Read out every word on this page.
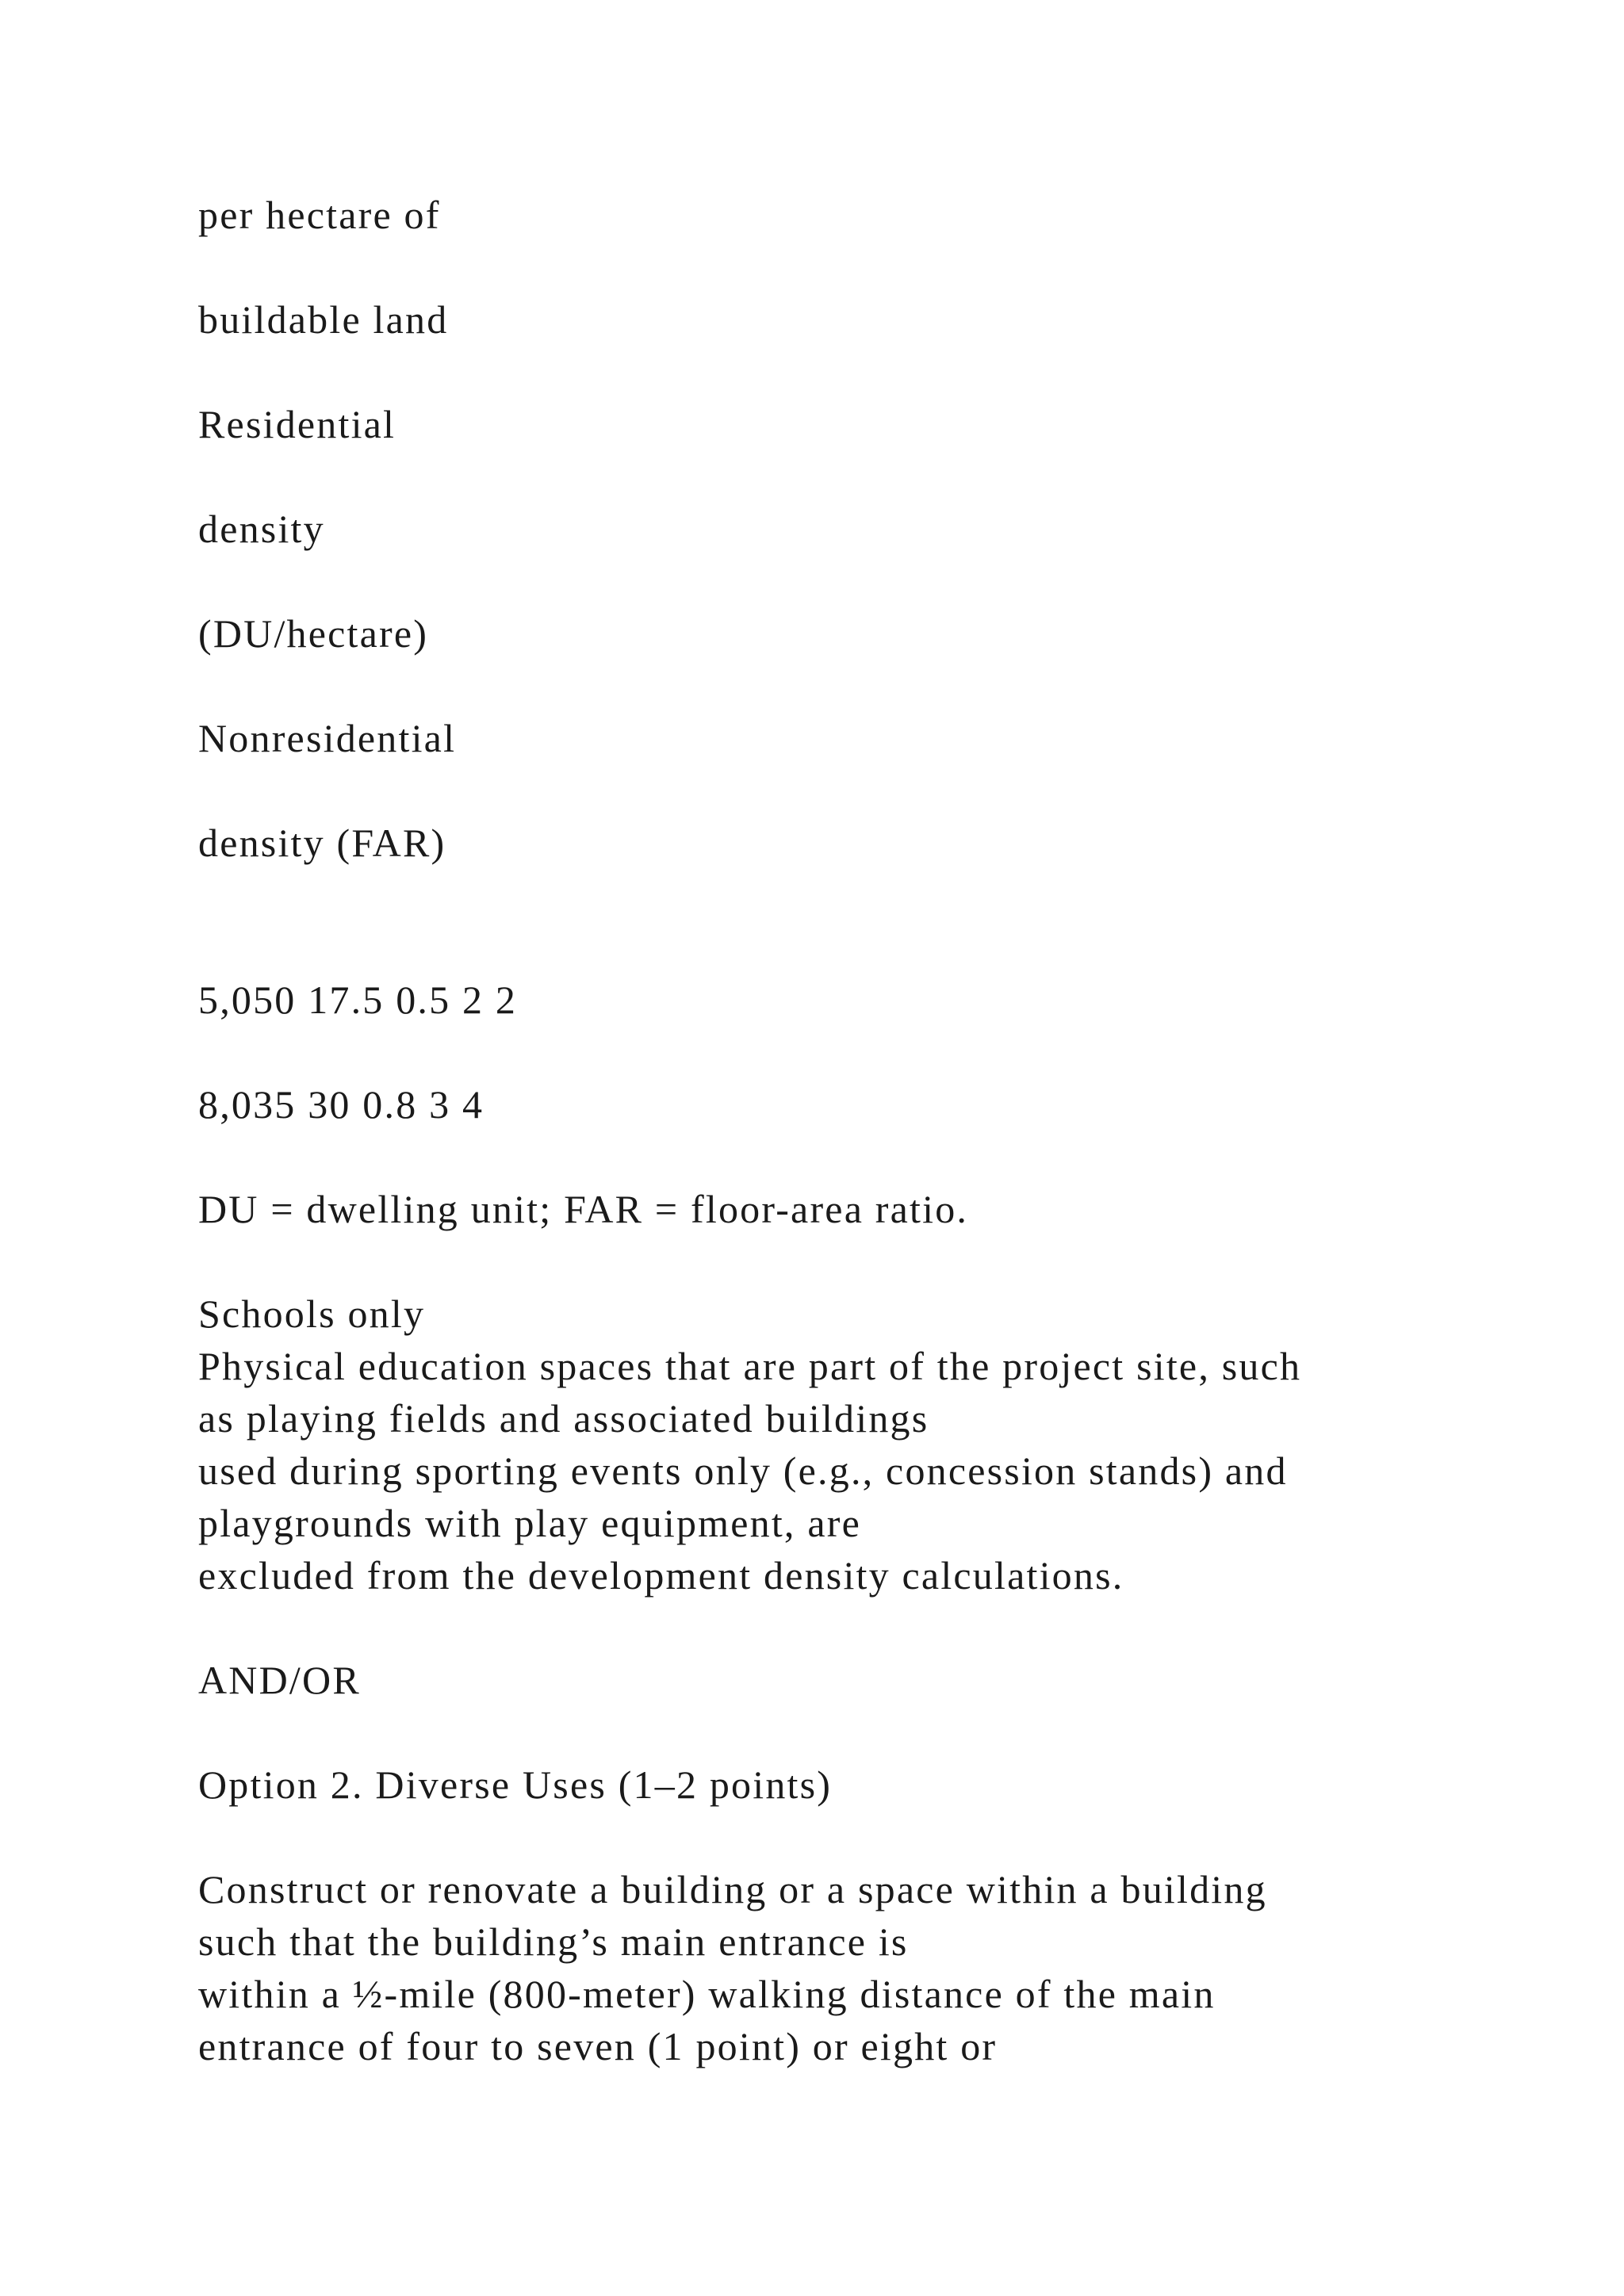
per hectare of
buildable land
Residential
density
(DU/hectare)
Nonresidential
density (FAR)
5,050 17.5 0.5 2 2
8,035 30 0.8 3 4
DU = dwelling unit; FAR = floor-area ratio.
Schools only
Physical education spaces that are part of the project site, such
as playing fields and associated buildings
used during sporting events only (e.g., concession stands) and
playgrounds with play equipment, are
excluded from the development density calculations.
AND/OR
Option 2. Diverse Uses (1–2 points)
Construct or renovate a building or a space within a building
such that the building’s main entrance is
within a ½-mile (800-meter) walking distance of the main
entrance of four to seven (1 point) or eight or
